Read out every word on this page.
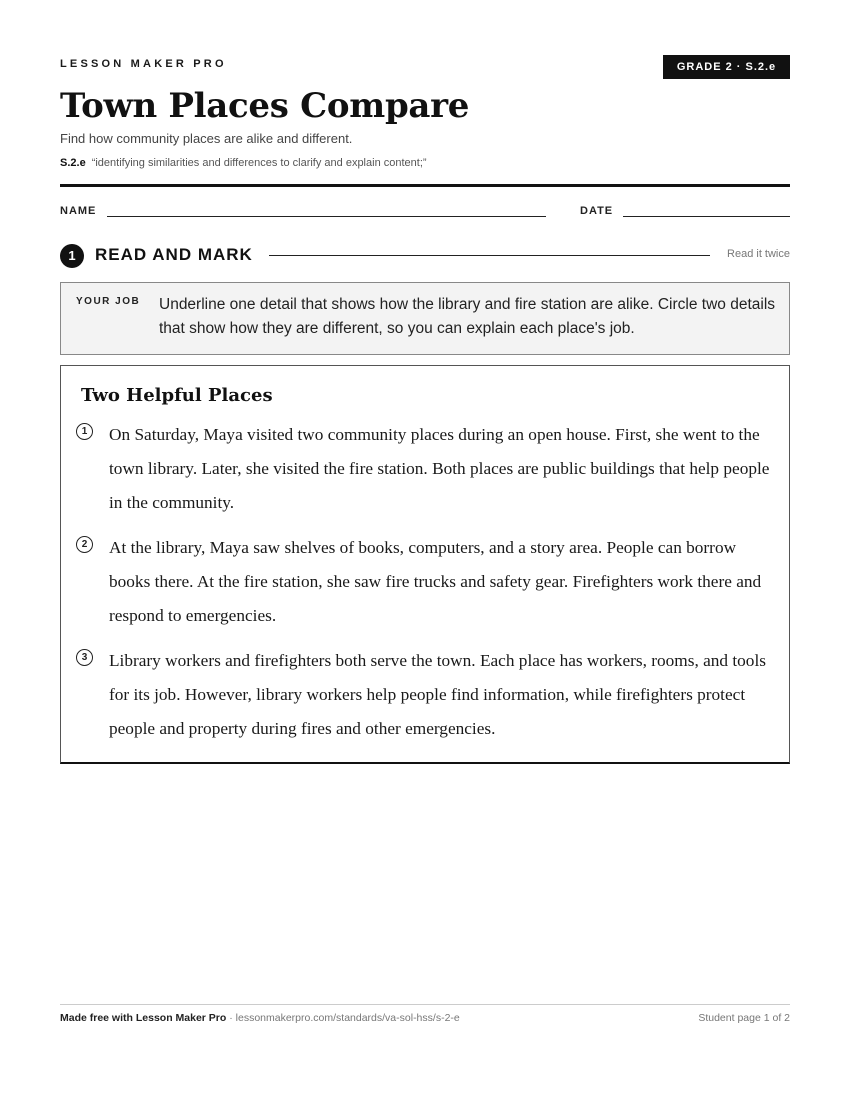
LESSON MAKER PRO	GRADE 2 · S.2.e
Town Places Compare
Find how community places are alike and different.
S.2.e “identifying similarities and differences to clarify and explain content;”
NAME	DATE
1	READ AND MARK	Read it twice
YOUR JOB Underline one detail that shows how the library and fire station are alike. Circle two details that show how they are different, so you can explain each place's job.
Two Helpful Places
1	On Saturday, Maya visited two community places during an open house. First, she went to the town library. Later, she visited the fire station. Both places are public buildings that help people in the community.

2	At the library, Maya saw shelves of books, computers, and a story area. People can borrow books there. At the fire station, she saw fire trucks and safety gear. Firefighters work there and respond to emergencies.

3	Library workers and firefighters both serve the town. Each place has workers, rooms, and tools for its job. However, library workers help people find information, while firefighters protect people and property during fires and other emergencies.

Made free with Lesson Maker Pro · lessonmakerpro.com/standards/va-sol-hss/s-2-e	Student page 1 of 2
